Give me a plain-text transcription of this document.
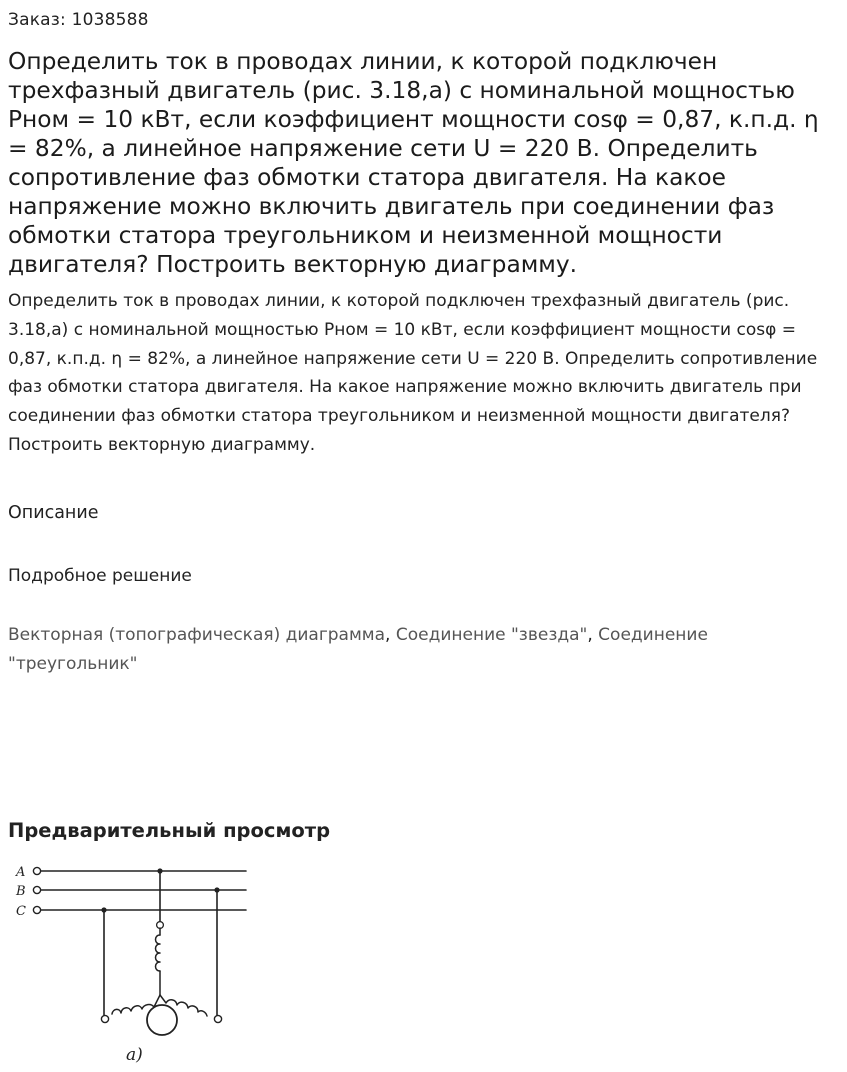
Заказ: 1038588
Определить ток в проводах линии, к которой подключен трехфазный двигатель (рис. 3.18,а) с номинальной мощностью Рном = 10 кВт, если коэффициент мощности cosφ = 0,87, к.п.д. η = 82%, а линейное напряжение сети U = 220 В. Определить сопротивление фаз обмотки статора двигателя. На какое напряжение можно включить двигатель при соединении фаз обмотки статора треугольником и неизменной мощности двигателя? Построить векторную диаграмму.

Определить ток в проводах линии, к которой подключен трехфазный двигатель (рис. 3.18,а) с номинальной мощностью Рном = 10 кВт, если коэффициент мощности cosφ = 0,87, к.п.д. η = 82%, а линейное напряжение сети U = 220 В. Определить сопротивление фаз обмотки статора двигателя. На какое напряжение можно включить двигатель при соединении фаз обмотки статора треугольником и неизменной мощности двигателя? Построить векторную диаграмму.

Описание
Подробное решение
Векторная (топографическая) диаграмма, Соединение "звезда", Соединение "треугольник"
Предварительный просмотр
A
B
C
а)
